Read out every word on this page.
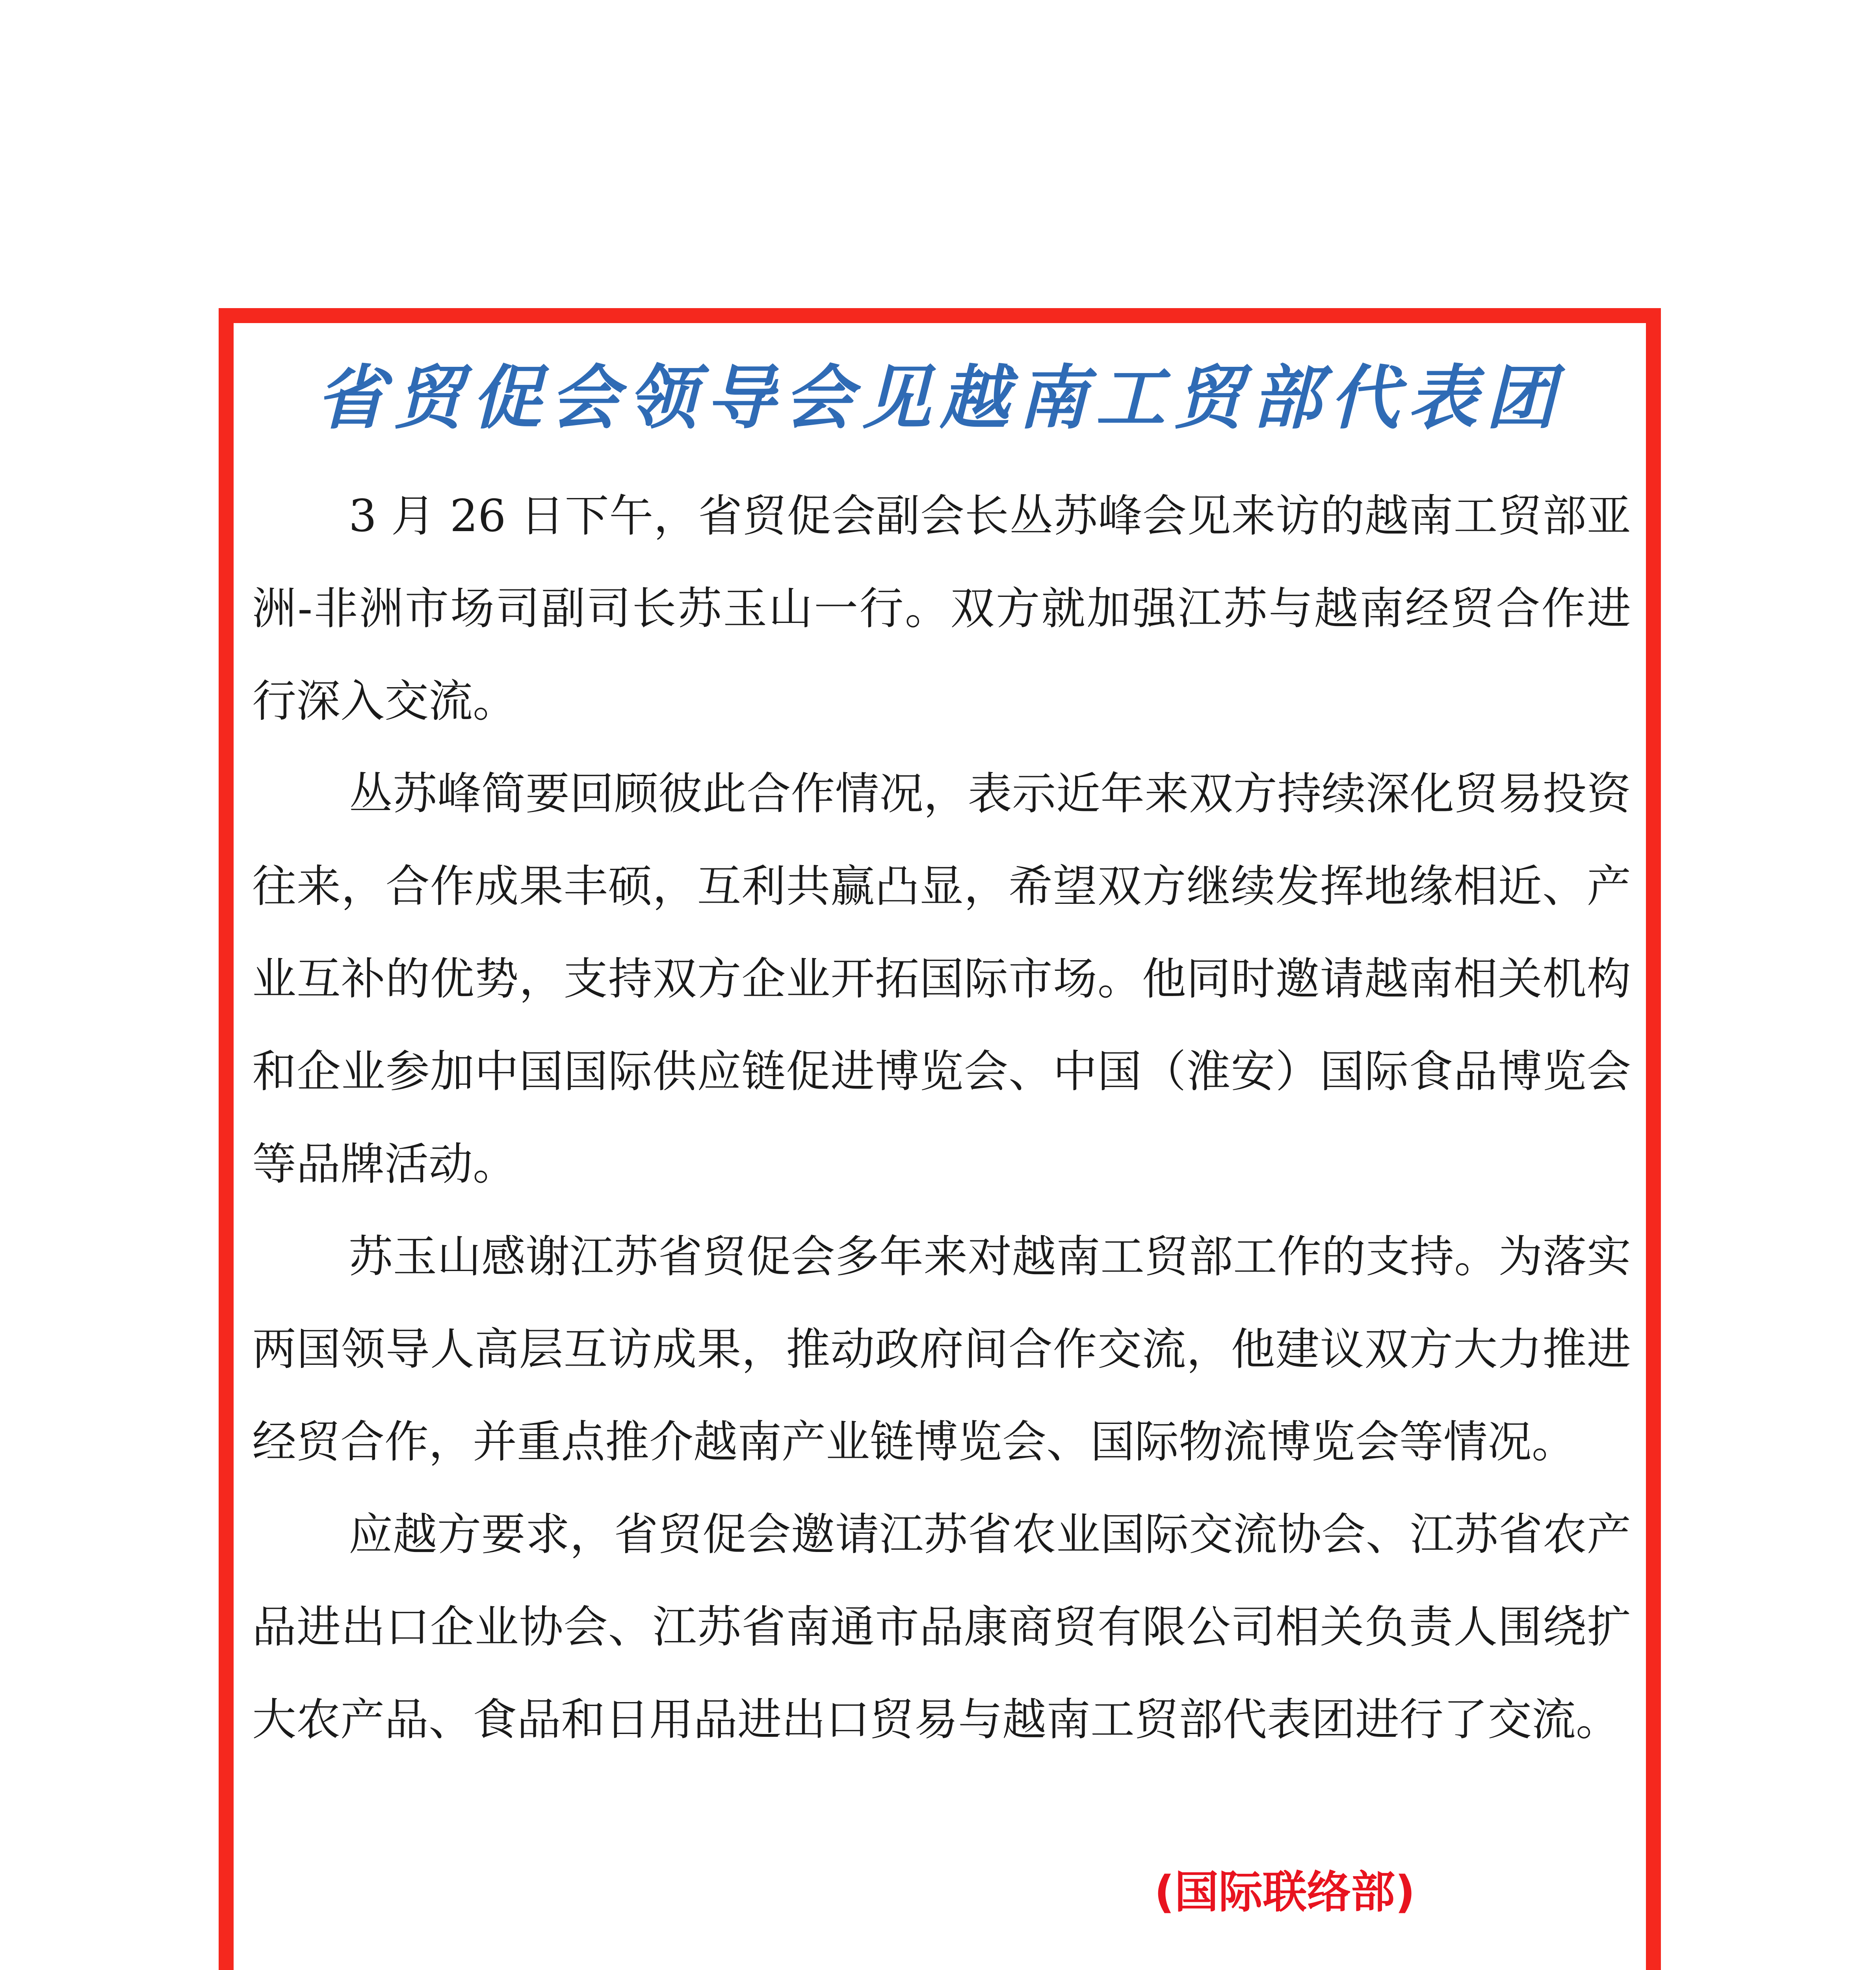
省贸促会领导会见越南工贸部代表团

3 月 26 日下午，省贸促会副会长丛苏峰会见来访的越南工贸部亚洲-非洲市场司副司长苏玉山一行。双方就加强江苏与越南经贸合作进行深入交流。

丛苏峰简要回顾彼此合作情况，表示近年来双方持续深化贸易投资往来，合作成果丰硕，互利共赢凸显，希望双方继续发挥地缘相近、产业互补的优势，支持双方企业开拓国际市场。他同时邀请越南相关机构和企业参加中国国际供应链促进博览会、中国（淮安）国际食品博览会等品牌活动。

苏玉山感谢江苏省贸促会多年来对越南工贸部工作的支持。为落实两国领导人高层互访成果，推动政府间合作交流，他建议双方大力推进经贸合作，并重点推介越南产业链博览会、国际物流博览会等情况。

应越方要求，省贸促会邀请江苏省农业国际交流协会、江苏省农产品进出口企业协会、江苏省南通市品康商贸有限公司相关负责人围绕扩大农产品、食品和日用品进出口贸易与越南工贸部代表团进行了交流。

(国际联络部)
